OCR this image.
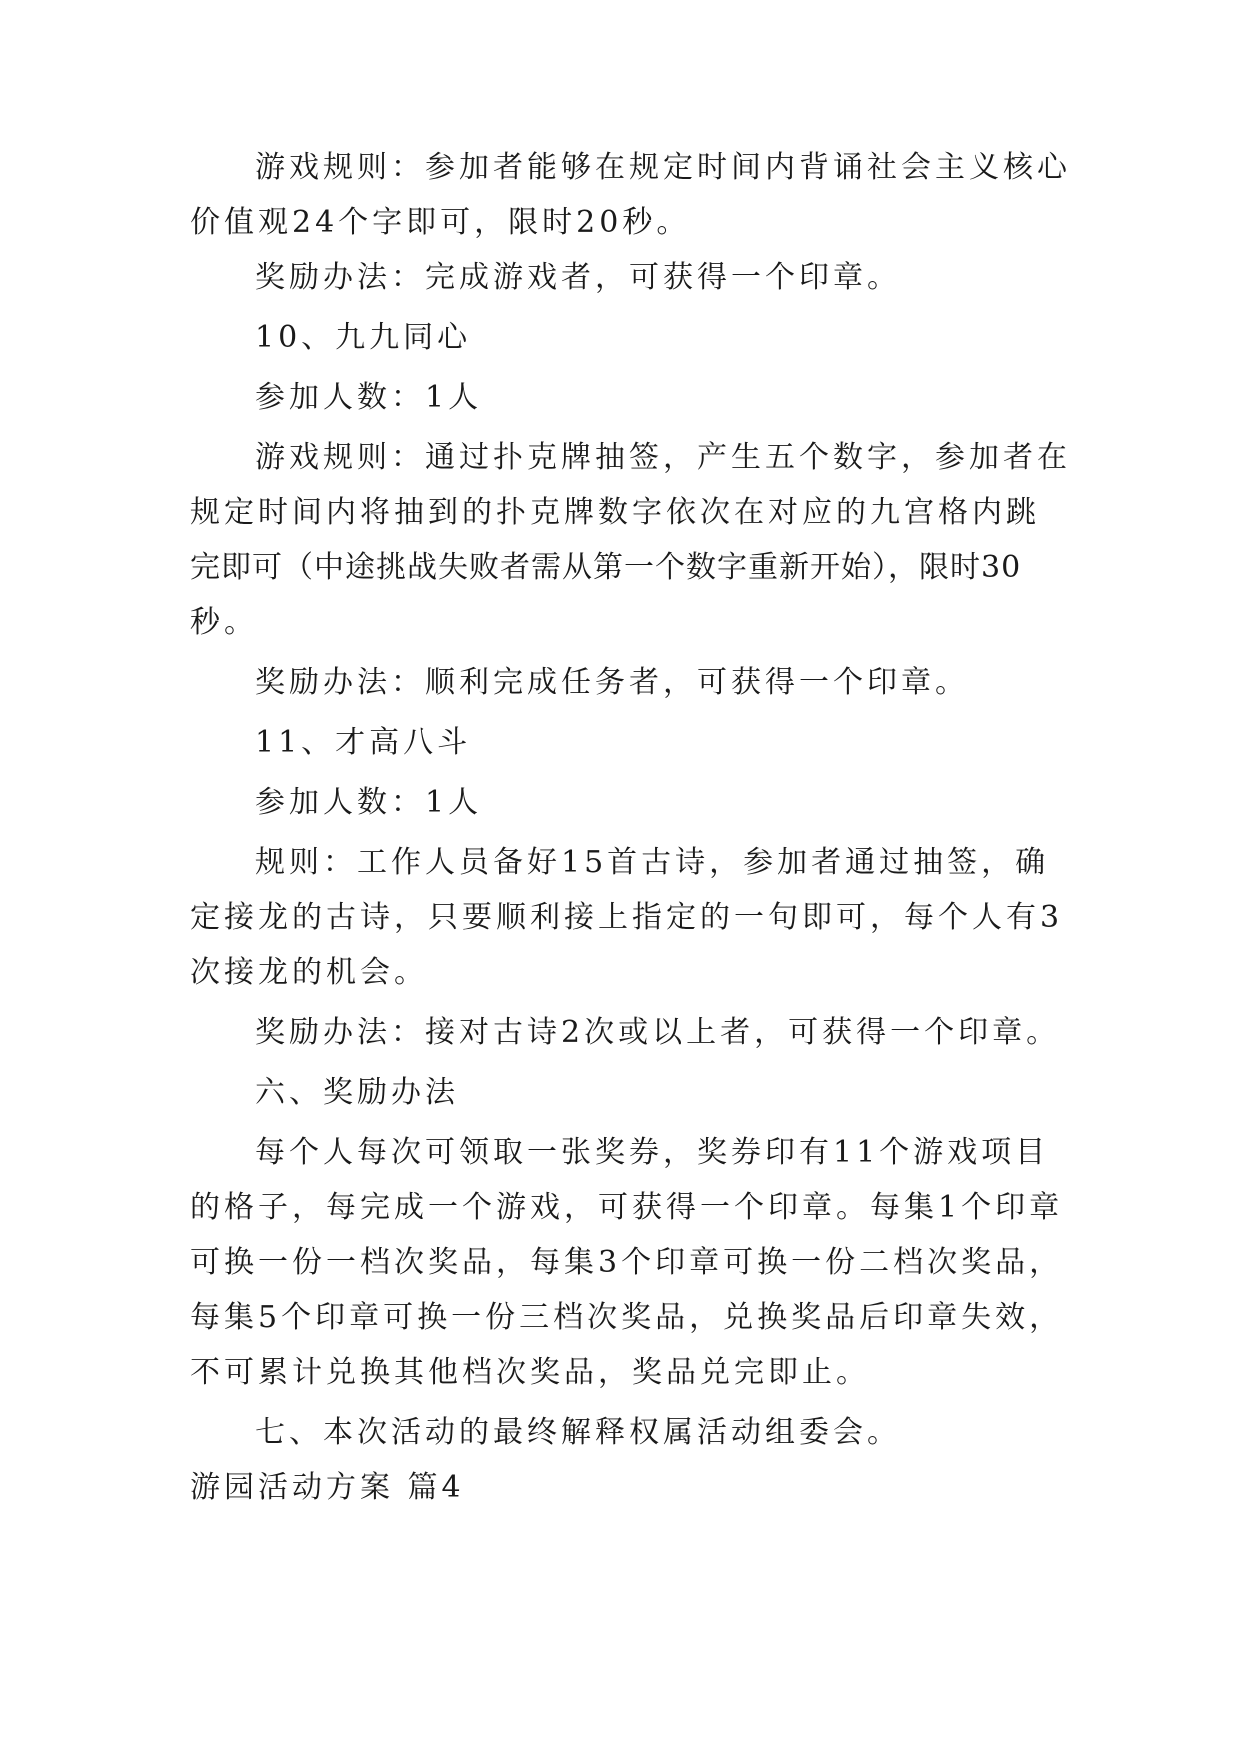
游戏规则：参加者能够在规定时间内背诵社会主义核心
价值观24个字即可，限时20秒。
奖励办法：完成游戏者，可获得一个印章。
10、九九同心
参加人数：1人
游戏规则：通过扑克牌抽签，产生五个数字，参加者在
规定时间内将抽到的扑克牌数字依次在对应的九宫格内跳
完即可（中途挑战失败者需从第一个数字重新开始），限时30
秒。
奖励办法：顺利完成任务者，可获得一个印章。
11、才高八斗
参加人数：1人
规则：工作人员备好15首古诗，参加者通过抽签，确
定接龙的古诗，只要顺利接上指定的一句即可，每个人有3
次接龙的机会。
奖励办法：接对古诗2次或以上者，可获得一个印章。
六、奖励办法
每个人每次可领取一张奖券，奖券印有11个游戏项目
的格子，每完成一个游戏，可获得一个印章。每集1个印章
可换一份一档次奖品，每集3个印章可换一份二档次奖品，
每集5个印章可换一份三档次奖品，兑换奖品后印章失效，
不可累计兑换其他档次奖品，奖品兑完即止。
七、本次活动的最终解释权属活动组委会。
游园活动方案 篇4
